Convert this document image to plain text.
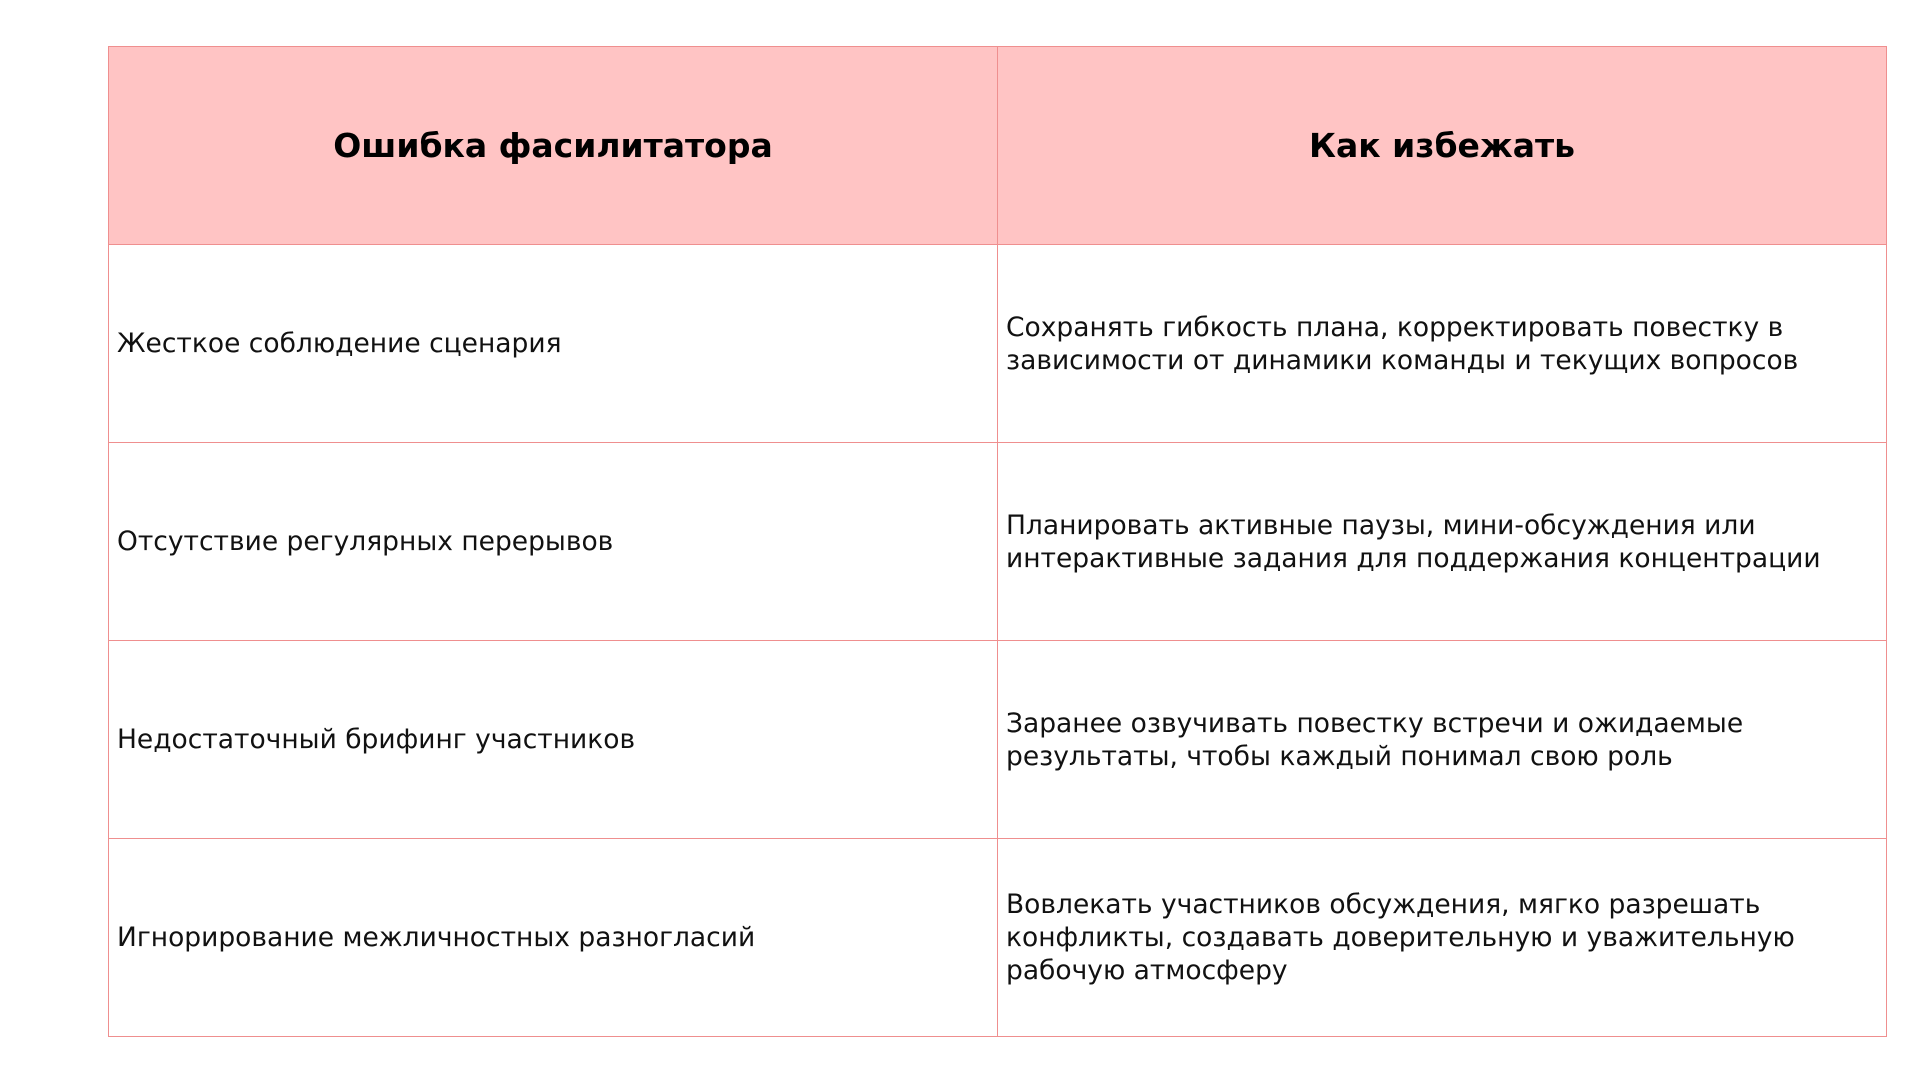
Ошибка фасилитатора	Как избежать
Жесткое соблюдение сценария	Сохранять гибкость плана, корректировать повестку в зависимости от динамики команды и текущих вопросов
Отсутствие регулярных перерывов	Планировать активные паузы, мини-обсуждения или интерактивные задания для поддержания концентрации
Недостаточный брифинг участников	Заранее озвучивать повестку встречи и ожидаемые результаты, чтобы каждый понимал свою роль
Игнорирование межличностных разногласий	Вовлекать участников обсуждения, мягко разрешать конфликты, создавать доверительную и уважительную рабочую атмосферу
